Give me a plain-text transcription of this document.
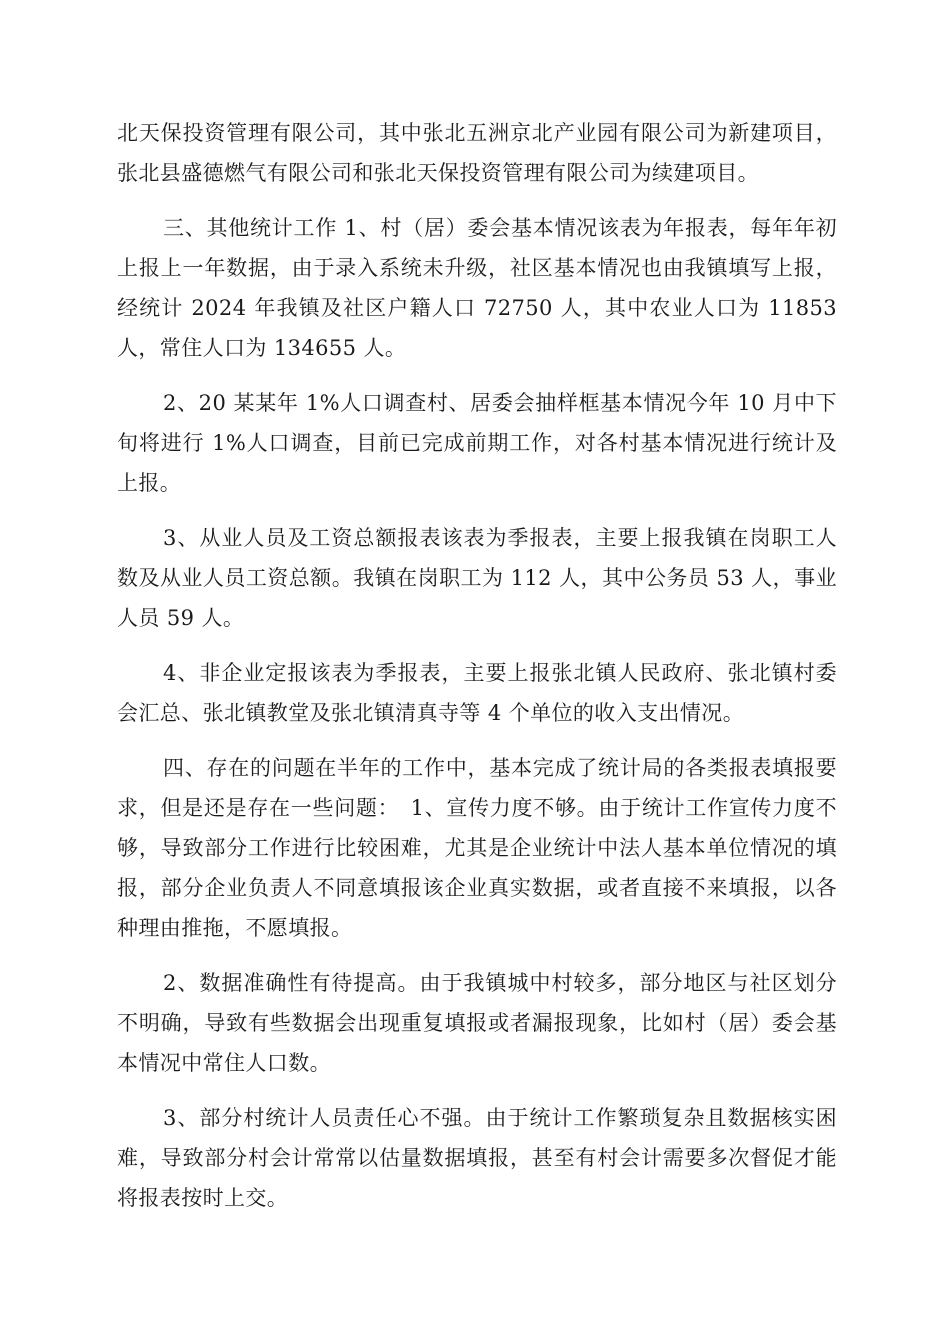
北天保投资管理有限公司，其中张北五洲京北产业园有限公司为新建项目，张北县盛德燃气有限公司和张北天保投资管理有限公司为续建项目。

三、其他统计工作 1、村（居）委会基本情况该表为年报表，每年年初上报上一年数据，由于录入系统未升级，社区基本情况也由我镇填写上报，经统计 2024 年我镇及社区户籍人口 72750 人，其中农业人口为 11853 人，常住人口为 134655 人。

2、20 某某年 1%人口调查村、居委会抽样框基本情况今年 10 月中下旬将进行 1%人口调查，目前已完成前期工作，对各村基本情况进行统计及上报。

3、从业人员及工资总额报表该表为季报表，主要上报我镇在岗职工人数及从业人员工资总额。我镇在岗职工为 112 人，其中公务员 53 人，事业人员 59 人。

4、非企业定报该表为季报表，主要上报张北镇人民政府、张北镇村委会汇总、张北镇教堂及张北镇清真寺等 4 个单位的收入支出情况。

四、存在的问题在半年的工作中，基本完成了统计局的各类报表填报要求，但是还是存在一些问题：　1、宣传力度不够。由于统计工作宣传力度不够，导致部分工作进行比较困难，尤其是企业统计中法人基本单位情况的填报，部分企业负责人不同意填报该企业真实数据，或者直接不来填报，以各种理由推拖，不愿填报。

2、数据准确性有待提高。由于我镇城中村较多，部分地区与社区划分不明确，导致有些数据会出现重复填报或者漏报现象，比如村（居）委会基本情况中常住人口数。

3、部分村统计人员责任心不强。由于统计工作繁琐复杂且数据核实困难，导致部分村会计常常以估量数据填报，甚至有村会计需要多次督促才能将报表按时上交。
